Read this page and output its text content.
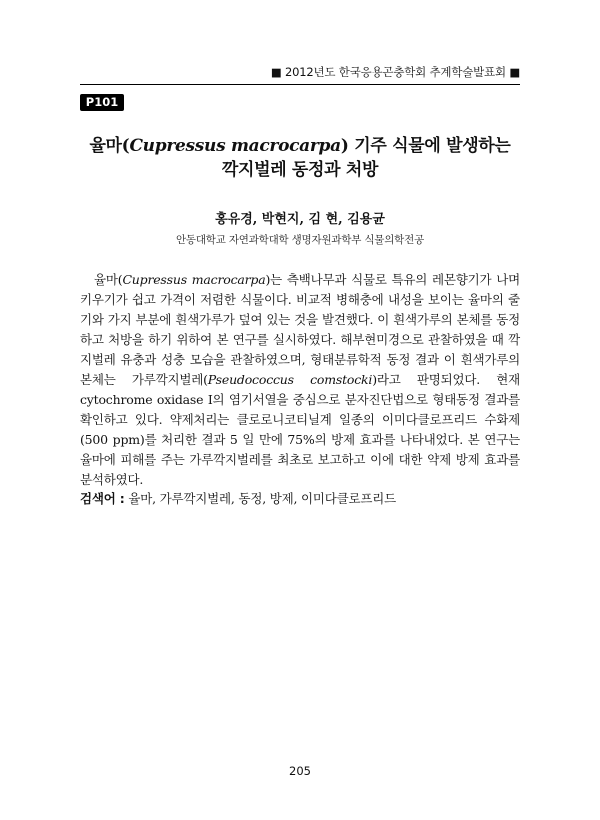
■ 2012년도 한국응용곤충학회 추계학술발표회 ■
P101
율마(Cupressus macrocarpa) 기주 식물에 발생하는
깍지벌레 동정과 처방
홍유경, 박현지, 김 현, 김용균
안동대학교 자연과학대학 생명자원과학부 식물의학전공
율마(Cupressus macrocarpa)는 측백나무과 식물로 특유의 레몬향기가 나며 키우기가 쉽고 가격이 저렴한 식물이다. 비교적 병해충에 내성을 보이는 율마의 줄기와 가지 부분에 흰색가루가 덮여 있는 것을 발견했다. 이 흰색가루의 본체를 동정하고 처방을 하기 위하여 본 연구를 실시하였다. 해부현미경으로 관찰하였을 때 깍지벌레 유충과 성충 모습을 관찰하였으며, 형태분류학적 동정 결과 이 흰색가루의 본체는 가루깍지벌레(Pseudococcus comstocki)라고 판명되었다. 현재 cytochrome oxidase I의 염기서열을 중심으로 분자진단법으로 형태동정 결과를 확인하고 있다. 약제처리는 클로로니코티닐계 일종의 이미다클로프리드 수화제(500 ppm)를 처리한 결과 5 일 만에 75%의 방제 효과를 나타내었다. 본 연구는 율마에 피해를 주는 가루깍지벌레를 최초로 보고하고 이에 대한 약제 방제 효과를 분석하였다.
검색어 : 율마, 가루깍지벌레, 동정, 방제, 이미다클로프리드
205
